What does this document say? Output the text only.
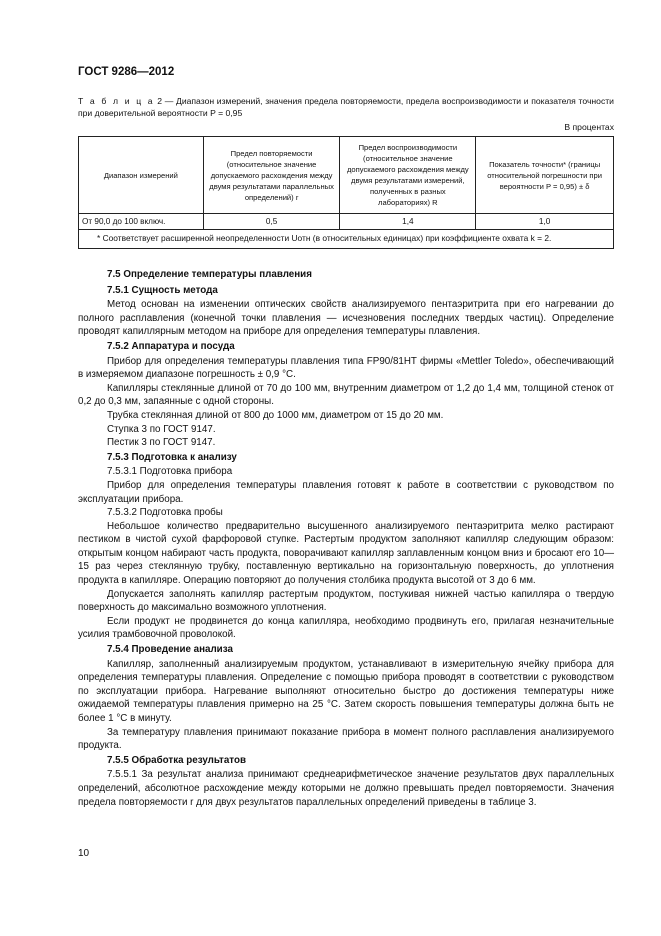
ГОСТ 9286—2012
Т а б л и ц а 2 — Диапазон измерений, значения предела повторяемости, предела воспроизводимости и показателя точности при доверительной вероятности P = 0,95
В процентах
Диапазон измерений	Предел повторяемости (относительное значение допускаемого расхождения между двумя результатами параллельных определений) r	Предел воспроизводимости (относительное значение допускаемого расхождения между двумя результатами измерений, полученных в разных лабораториях) R	Показатель точности* (границы относительной погрешности при вероятности P = 0,95) ± δ
От 90,0 до 100 включ.	0,5	1,4	1,0
* Соответствует расширенной неопределенности Uотн (в относительных единицах) при коэффициенте охвата k = 2.			
7.5 Определение температуры плавления
7.5.1 Сущность метода

Метод основан на изменении оптических свойств анализируемого пентаэритрита при его нагревании до полного расплавления (конечной точки плавления — исчезновения последних твердых частиц). Определение проводят капиллярным методом на приборе для определения температуры плавления.

7.5.2 Аппаратура и посуда

Прибор для определения температуры плавления типа FP90/81HT фирмы «Mettler Toledo», обеспечивающий в измеряемом диапазоне погрешность ± 0,9 °С.

Капилляры стеклянные длиной от 70 до 100 мм, внутренним диаметром от 1,2 до 1,4 мм, толщиной стенок от 0,2 до 0,3 мм, запаянные с одной стороны.

Трубка стеклянная длиной от 800 до 1000 мм, диаметром от 15 до 20 мм.

Ступка 3 по ГОСТ 9147.

Пестик 3 по ГОСТ 9147.

7.5.3 Подготовка к анализу

7.5.3.1 Подготовка прибора

Прибор для определения температуры плавления готовят к работе в соответствии с руководством по эксплуатации прибора.

7.5.3.2 Подготовка пробы

Небольшое количество предварительно высушенного анализируемого пентаэритрита мелко растирают пестиком в чистой сухой фарфоровой ступке. Растертым продуктом заполняют капилляр следующим образом: открытым концом набирают часть продукта, поворачивают капилляр заплавленным концом вниз и бросают его 10—15 раз через стеклянную трубку, поставленную вертикально на горизонтальную поверхность, до уплотнения продукта в капилляре. Операцию повторяют до получения столбика продукта высотой от 3 до 6 мм.

Допускается заполнять капилляр растертым продуктом, постукивая нижней частью капилляра о твердую поверхность до максимально возможного уплотнения.

Если продукт не продвинется до конца капилляра, необходимо продвинуть его, прилагая незначительные усилия трамбовочной проволокой.

7.5.4 Проведение анализа

Капилляр, заполненный анализируемым продуктом, устанавливают в измерительную ячейку прибора для определения температуры плавления. Определение с помощью прибора проводят в соответствии с руководством по эксплуатации прибора. Нагревание выполняют относительно быстро до достижения температуры ниже ожидаемой температуры плавления примерно на 25 °С. Затем скорость повышения температуры должна быть не более 1 °С в минуту.

За температуру плавления принимают показание прибора в момент полного расплавления анализируемого продукта.

7.5.5 Обработка результатов

7.5.5.1 За результат анализа принимают среднеарифметическое значение результатов двух параллельных определений, абсолютное расхождение между которыми не должно превышать предел повторяемости. Значения предела повторяемости r для двух результатов параллельных определений приведены в таблице 3.

10
